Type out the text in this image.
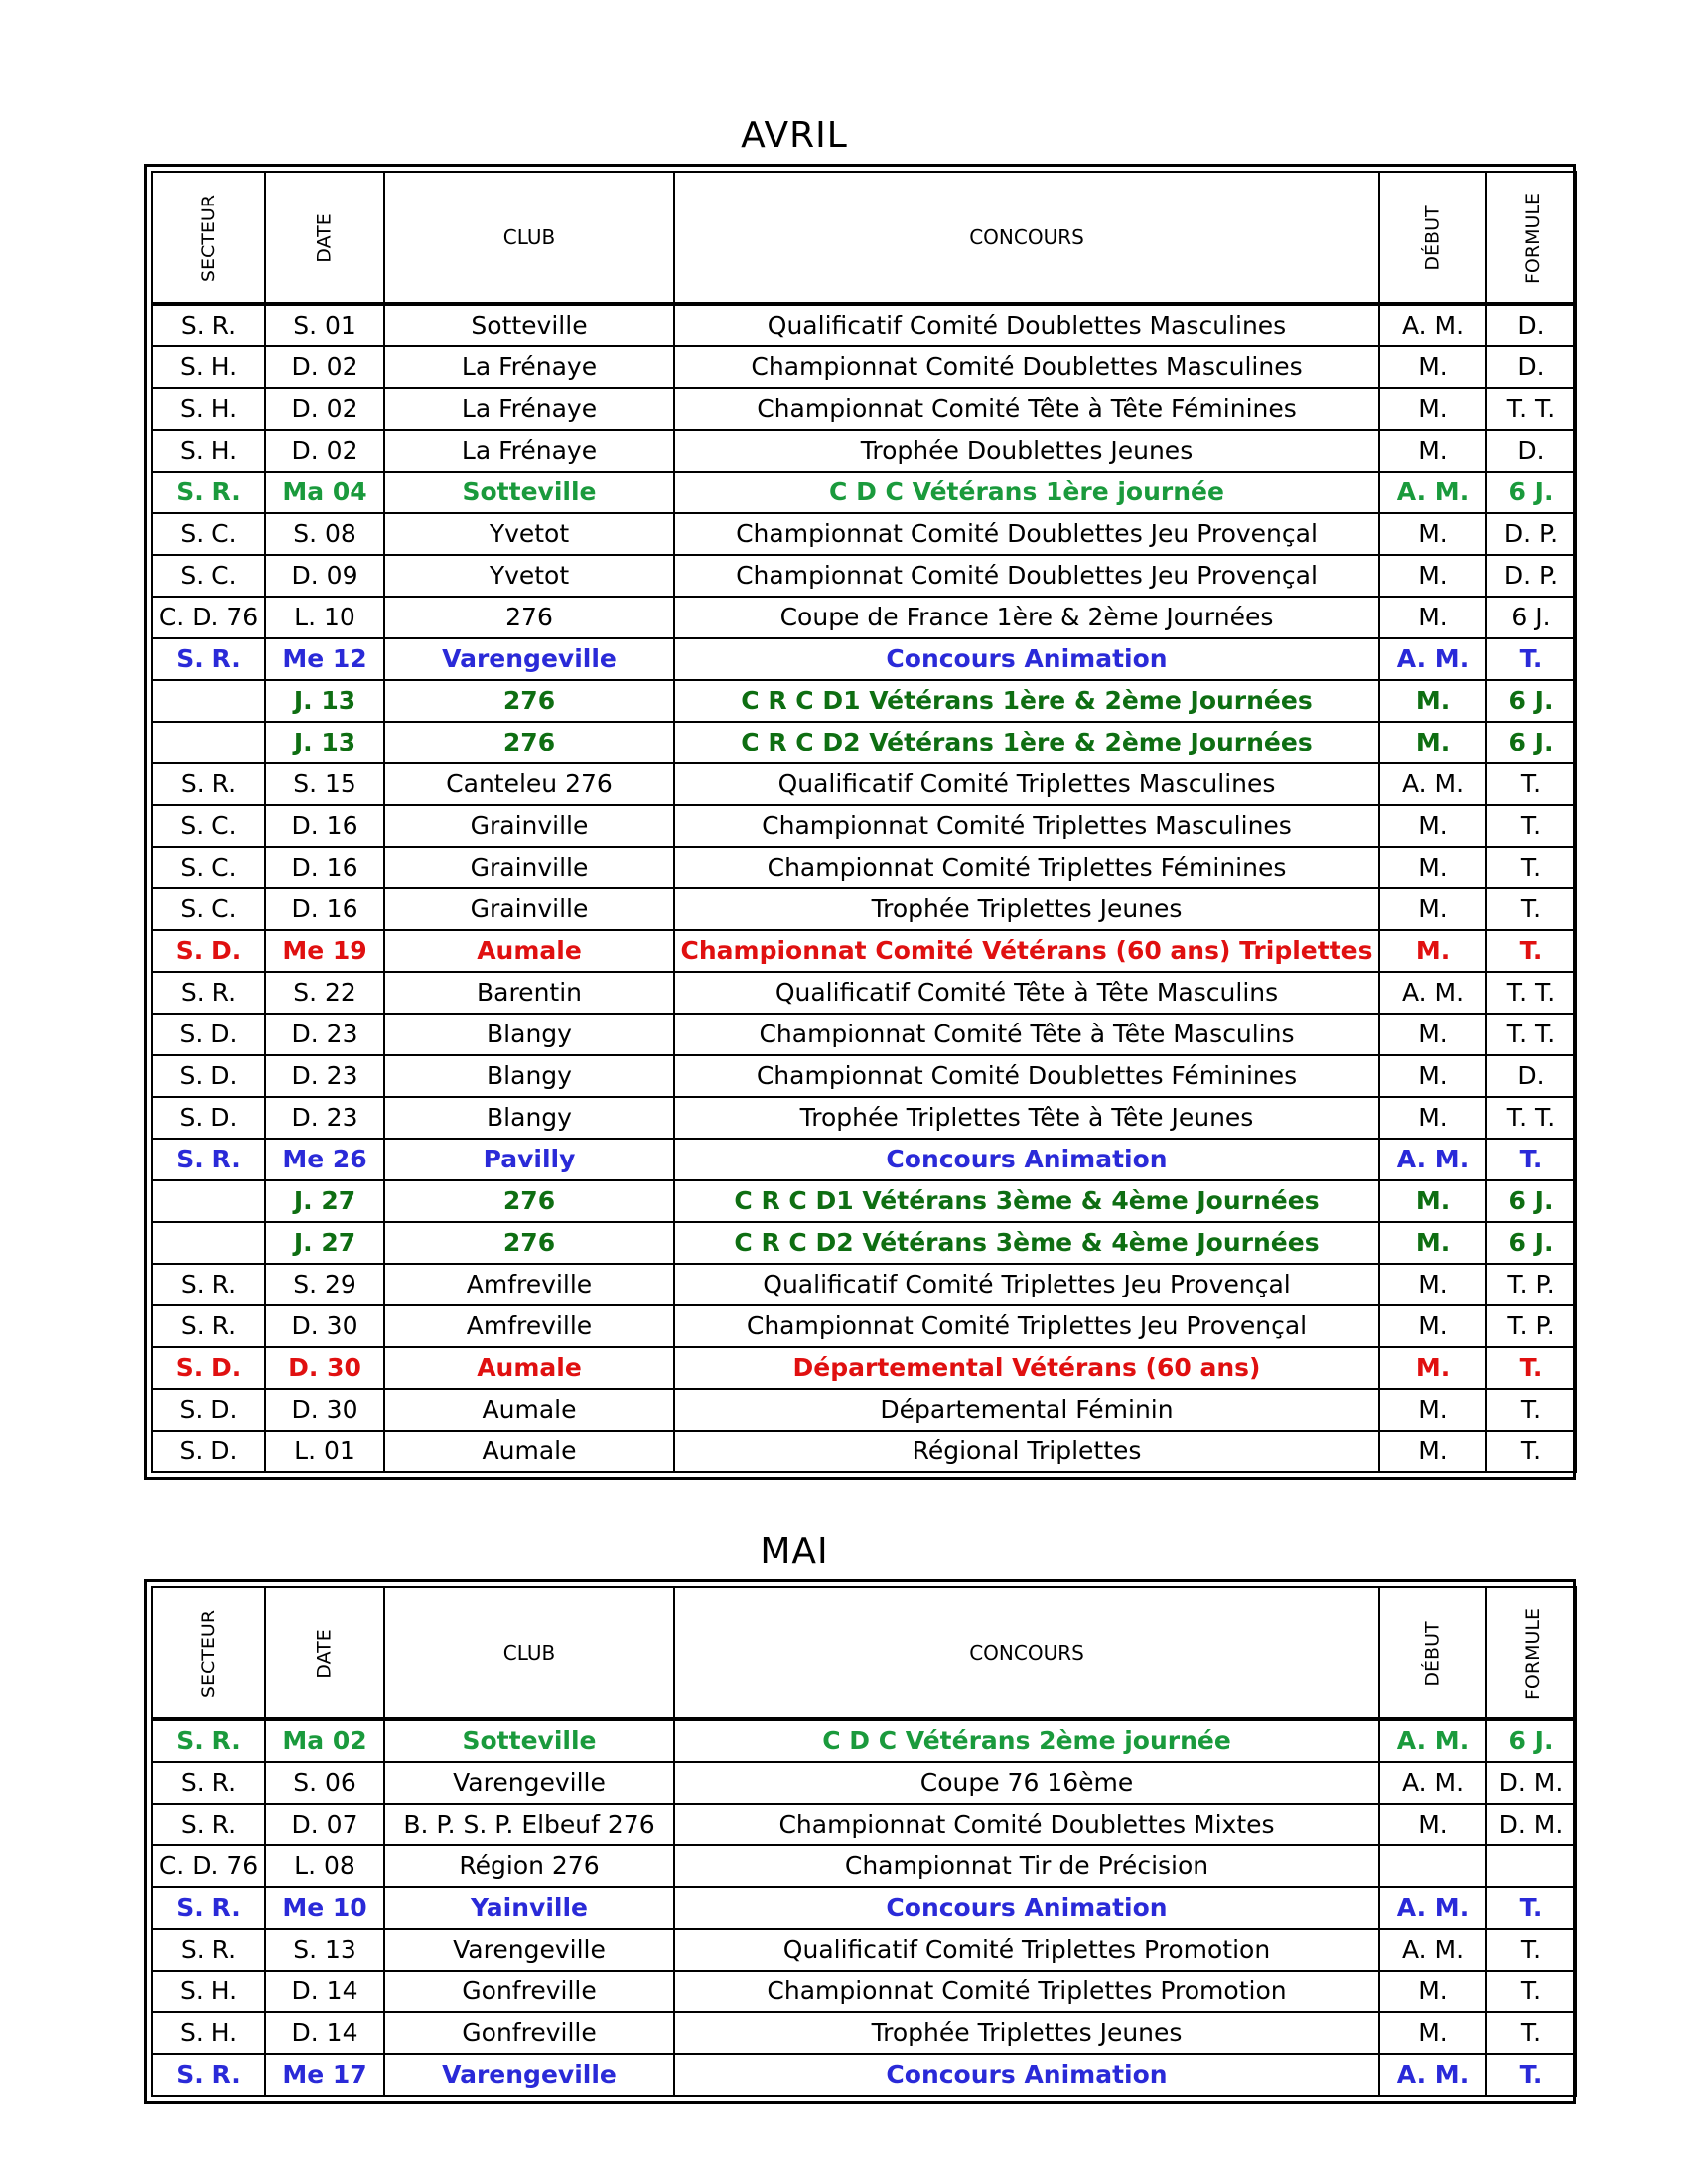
AVRIL
SECTEUR	DATE	CLUB	CONCOURS	DÉBUT	FORMULE
S. R.	S. 01	Sotteville	Qualificatif Comité Doublettes Masculines	A. M.	D.
S. H.	D. 02	La Frénaye	Championnat Comité Doublettes Masculines	M.	D.
S. H.	D. 02	La Frénaye	Championnat Comité Tête à Tête Féminines	M.	T. T.
S. H.	D. 02	La Frénaye	Trophée Doublettes Jeunes	M.	D.
S. R.	Ma 04	Sotteville	C D C Vétérans 1ère journée	A. M.	6 J.
S. C.	S. 08	Yvetot	Championnat Comité Doublettes Jeu Provençal	M.	D. P.
S. C.	D. 09	Yvetot	Championnat Comité Doublettes Jeu Provençal	M.	D. P.
C. D. 76	L. 10	276	Coupe de France 1ère & 2ème Journées	M.	6 J.
S. R.	Me 12	Varengeville	Concours Animation	A. M.	T.
	J. 13	276	C R C D1 Vétérans 1ère & 2ème Journées	M.	6 J.
	J. 13	276	C R C D2 Vétérans 1ère & 2ème Journées	M.	6 J.
S. R.	S. 15	Canteleu 276	Qualificatif Comité Triplettes Masculines	A. M.	T.
S. C.	D. 16	Grainville	Championnat Comité Triplettes Masculines	M.	T.
S. C.	D. 16	Grainville	Championnat Comité Triplettes Féminines	M.	T.
S. C.	D. 16	Grainville	Trophée Triplettes Jeunes	M.	T.
S. D.	Me 19	Aumale	Championnat Comité Vétérans (60 ans) Triplettes	M.	T.
S. R.	S. 22	Barentin	Qualificatif Comité Tête à Tête Masculins	A. M.	T. T.
S. D.	D. 23	Blangy	Championnat Comité Tête à Tête Masculins	M.	T. T.
S. D.	D. 23	Blangy	Championnat Comité Doublettes Féminines	M.	D.
S. D.	D. 23	Blangy	Trophée Triplettes Tête à Tête Jeunes	M.	T. T.
S. R.	Me 26	Pavilly	Concours Animation	A. M.	T.
	J. 27	276	C R C D1 Vétérans 3ème & 4ème Journées	M.	6 J.
	J. 27	276	C R C D2 Vétérans 3ème & 4ème Journées	M.	6 J.
S. R.	S. 29	Amfreville	Qualificatif Comité Triplettes Jeu Provençal	M.	T. P.
S. R.	D. 30	Amfreville	Championnat Comité Triplettes Jeu Provençal	M.	T. P.
S. D.	D. 30	Aumale	Départemental Vétérans (60 ans)	M.	T.
S. D.	D. 30	Aumale	Départemental Féminin	M.	T.
S. D.	L. 01	Aumale	Régional Triplettes	M.	T.
MAI
SECTEUR	DATE	CLUB	CONCOURS	DÉBUT	FORMULE
S. R.	Ma 02	Sotteville	C D C Vétérans 2ème journée	A. M.	6 J.
S. R.	S. 06	Varengeville	Coupe 76 16ème	A. M.	D. M.
S. R.	D. 07	B. P. S. P. Elbeuf 276	Championnat Comité Doublettes Mixtes	M.	D. M.
C. D. 76	L. 08	Région 276	Championnat Tir de Précision		
S. R.	Me 10	Yainville	Concours Animation	A. M.	T.
S. R.	S. 13	Varengeville	Qualificatif Comité Triplettes Promotion	A. M.	T.
S. H.	D. 14	Gonfreville	Championnat Comité Triplettes Promotion	M.	T.
S. H.	D. 14	Gonfreville	Trophée Triplettes Jeunes	M.	T.
S. R.	Me 17	Varengeville	Concours Animation	A. M.	T.
